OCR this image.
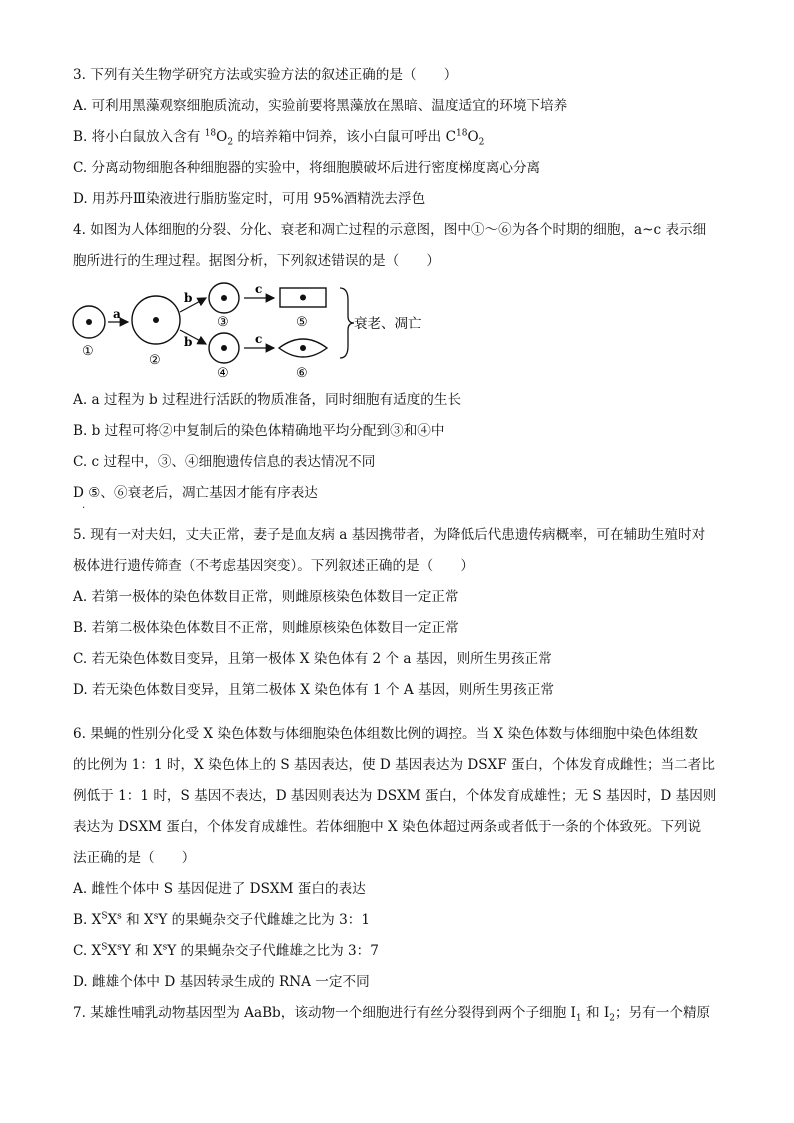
3. 下列有关生物学研究方法或实验方法的叙述正确的是（　　）
A. 可利用黑藻观察细胞质流动，实验前要将黑藻放在黑暗、温度适宜的环境下培养
B. 将小白鼠放入含有 $^{18}O_2$ 的培养箱中饲养，该小白鼠可呼出 $C^{18}O_2$
C. 分离动物细胞各种细胞器的实验中，将细胞膜破坏后进行密度梯度离心分离
D. 用苏丹Ⅲ染液进行脂肪鉴定时，可用 95%酒精洗去浮色
4. 如图为人体细胞的分裂、分化、衰老和凋亡过程的示意图，图中①～⑥为各个时期的细胞，a~c 表示细
胞所进行的生理过程。据图分析，下列叙述错误的是（　　）
①
a
②
b
b
③
④
c
c
⑤
⑥
衰老、凋亡
A. a 过程为 b 过程进行活跃的物质准备，同时细胞有适度的生长
B. b 过程可将②中复制后的染色体精确地平均分配到③和④中
C. c 过程中，③、④细胞遗传信息的表达情况不同
D ⑤、⑥衰老后，凋亡基因才能有序表达
.
5. 现有一对夫妇，丈夫正常，妻子是血友病 a 基因携带者，为降低后代患遗传病概率，可在辅助生殖时对
极体进行遗传筛查（不考虑基因突变）。下列叙述正确的是（　　）
A. 若第一极体的染色体数目正常，则雌原核染色体数目一定正常
B. 若第二极体染色体数目不正常，则雌原核染色体数目一定正常
C. 若无染色体数目变异，且第一极体 X 染色体有 2 个 a 基因，则所生男孩正常
D. 若无染色体数目变异，且第二极体 X 染色体有 1 个 A 基因，则所生男孩正常
6. 果蝇的性别分化受 X 染色体数与体细胞染色体组数比例的调控。当 X 染色体数与体细胞中染色体组数
的比例为 1：1 时，X 染色体上的 S 基因表达，使 D 基因表达为 DSXF 蛋白，个体发育成雌性；当二者比
例低于 1：1 时，S 基因不表达，D 基因则表达为 DSXM 蛋白，个体发育成雄性；无 S 基因时，D 基因则
表达为 DSXM 蛋白，个体发育成雄性。若体细胞中 X 染色体超过两条或者低于一条的个体致死。下列说
法正确的是（　　）
A. 雌性个体中 S 基因促进了 DSXM 蛋白的表达
B. $X^SX^s$ 和 $X^sY$ 的果蝇杂交子代雌雄之比为 3：1
C. $X^SX^sY$ 和 $X^sY$ 的果蝇杂交子代雌雄之比为 3：7
D. 雌雄个体中 D 基因转录生成的 RNA 一定不同
7. 某雄性哺乳动物基因型为 AaBb，该动物一个细胞进行有丝分裂得到两个子细胞 $I_1$ 和 $I_2$；另有一个精原
